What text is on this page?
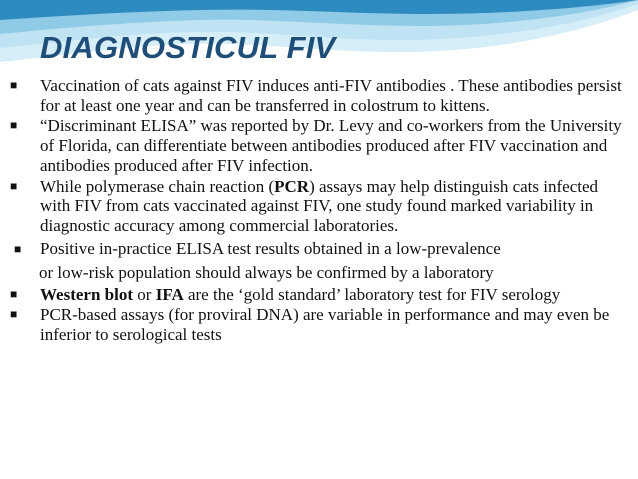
DIAGNOSTICUL FIV
■ Vaccination of cats against FIV induces anti-FIV antibodies . These antibodies persist for at least one year and can be transferred in colostrum to kittens.
■ “Discriminant ELISA” was reported by Dr. Levy and co-workers from the University of Florida, can differentiate between antibodies produced after FIV vaccination and antibodies produced after FIV infection.
■ While polymerase chain reaction (PCR) assays may help distinguish cats infected with FIV from cats vaccinated against FIV, one study found marked variability in diagnostic accuracy among commercial laboratories.
■ Positive in-practice ELISA test results obtained in a low-prevalence
or low-risk population should always be confirmed by a laboratory
■ Western blot or IFA are the ‘gold standard’ laboratory test for FIV serology
■ PCR-based assays (for proviral DNA) are variable in performance and may even be inferior to serological tests
